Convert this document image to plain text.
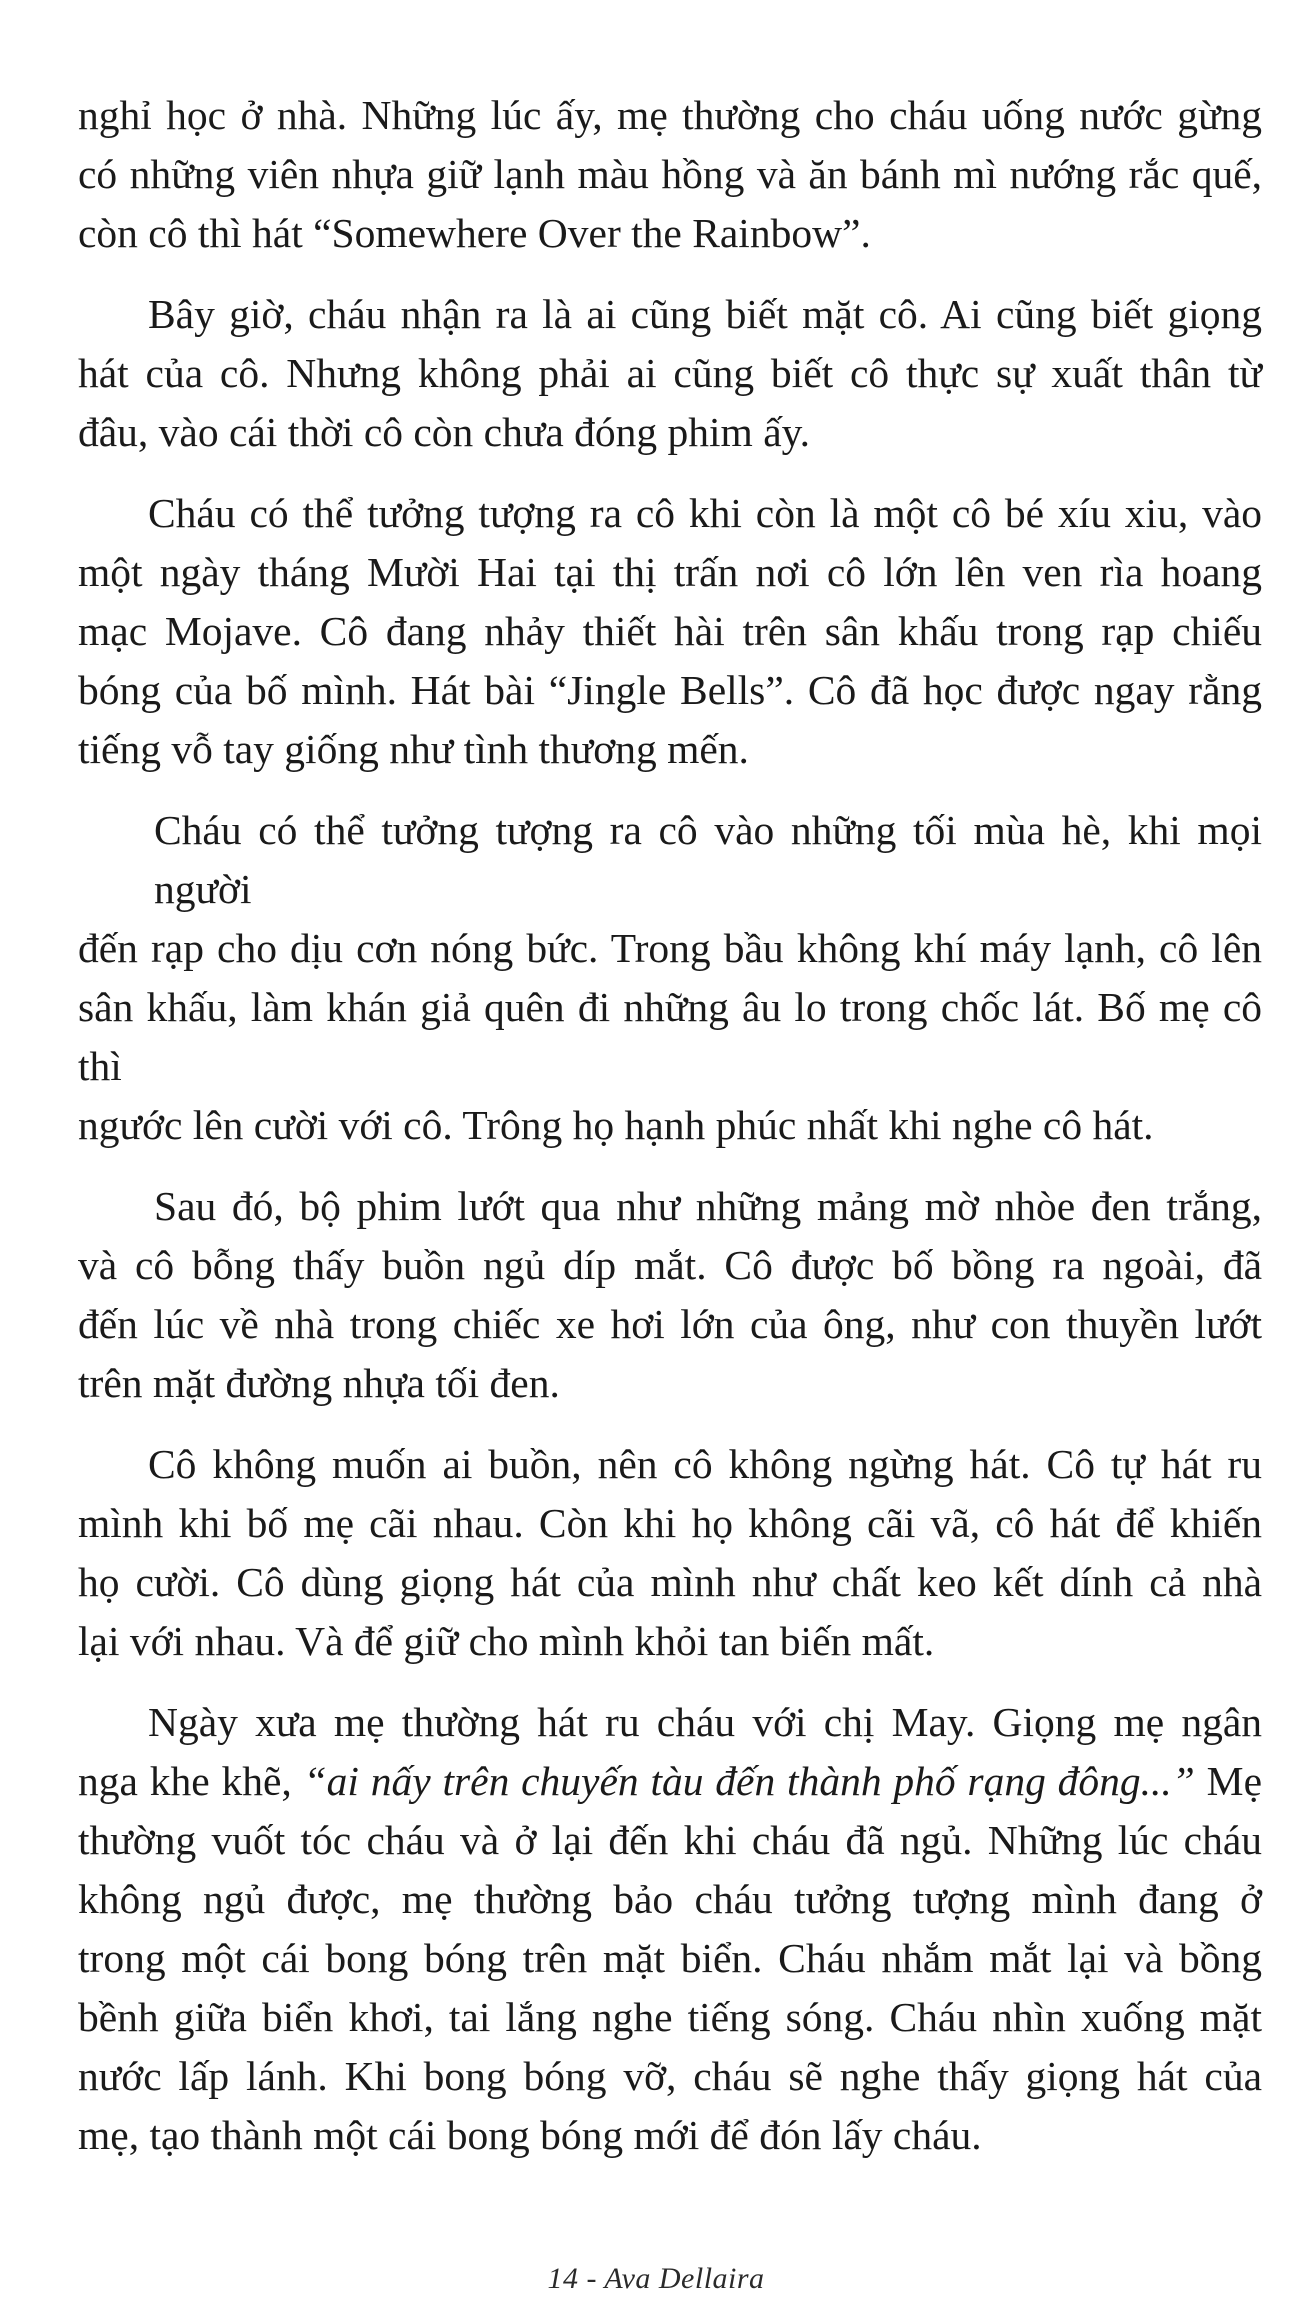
nghỉ học ở nhà. Những lúc ấy, mẹ thường cho cháu uống nước gừng
có những viên nhựa giữ lạnh màu hồng và ăn bánh mì nướng rắc quế,
còn cô thì hát “Somewhere Over the Rainbow”.

Bây giờ, cháu nhận ra là ai cũng biết mặt cô. Ai cũng biết giọng
hát của cô. Nhưng không phải ai cũng biết cô thực sự xuất thân từ
đâu, vào cái thời cô còn chưa đóng phim ấy.

Cháu có thể tưởng tượng ra cô khi còn là một cô bé xíu xiu, vào
một ngày tháng Mười Hai tại thị trấn nơi cô lớn lên ven rìa hoang
mạc Mojave. Cô đang nhảy thiết hài trên sân khấu trong rạp chiếu
bóng của bố mình. Hát bài “Jingle Bells”. Cô đã học được ngay rằng
tiếng vỗ tay giống như tình thương mến.

Cháu có thể tưởng tượng ra cô vào những tối mùa hè, khi mọi người
đến rạp cho dịu cơn nóng bức. Trong bầu không khí máy lạnh, cô lên
sân khấu, làm khán giả quên đi những âu lo trong chốc lát. Bố mẹ cô thì
ngước lên cười với cô. Trông họ hạnh phúc nhất khi nghe cô hát.

Sau đó, bộ phim lướt qua như những mảng mờ nhòe đen trắng,
và cô bỗng thấy buồn ngủ díp mắt. Cô được bố bồng ra ngoài, đã
đến lúc về nhà trong chiếc xe hơi lớn của ông, như con thuyền lướt
trên mặt đường nhựa tối đen.

Cô không muốn ai buồn, nên cô không ngừng hát. Cô tự hát ru
mình khi bố mẹ cãi nhau. Còn khi họ không cãi vã, cô hát để khiến
họ cười. Cô dùng giọng hát của mình như chất keo kết dính cả nhà
lại với nhau. Và để giữ cho mình khỏi tan biến mất.

Ngày xưa mẹ thường hát ru cháu với chị May. Giọng mẹ ngân
nga khe khẽ, “ai nấy trên chuyến tàu đến thành phố rạng đông...” Mẹ
thường vuốt tóc cháu và ở lại đến khi cháu đã ngủ. Những lúc cháu
không ngủ được, mẹ thường bảo cháu tưởng tượng mình đang ở
trong một cái bong bóng trên mặt biển. Cháu nhắm mắt lại và bồng
bềnh giữa biển khơi, tai lắng nghe tiếng sóng. Cháu nhìn xuống mặt
nước lấp lánh. Khi bong bóng vỡ, cháu sẽ nghe thấy giọng hát của
mẹ, tạo thành một cái bong bóng mới để đón lấy cháu.

14 - Ava Dellaira
